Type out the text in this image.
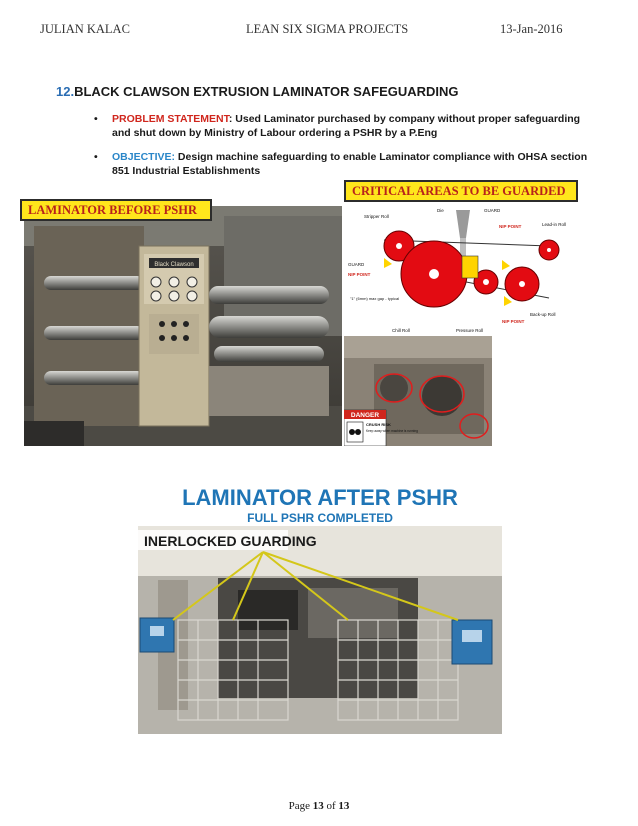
JULIAN KALAC	LEAN SIX SIGMA PROJECTS	13-Jan-2016
12.BLACK CLAWSON EXTRUSION LAMINATOR SAFEGUARDING
• PROBLEM STATEMENT: Used Laminator purchased by company without proper safeguarding
and shut down by Ministry of Labour ordering a PSHR by a P.Eng
• OBJECTIVE: Design machine safeguarding to enable Laminator compliance with OHSA section
851 Industrial Establishments
CRITICAL AREAS TO BE GUARDED
LAMINATOR BEFORE PSHR
Black Clawson
Stripper Roll
Die	GUARD
NIP POINT	Lead-in Roll
GUARD
NIP POINT
"1" (6mm) max gap - typical
Chill Roll	Pressure Roll
Back-up Roll
NIP POINT
DANGER
CRUSH RISK
Keep away when machine is running
LAMINATOR AFTER PSHR
FULL PSHR COMPLETED
INERLOCKED GUARDING
Page 13 of 13
